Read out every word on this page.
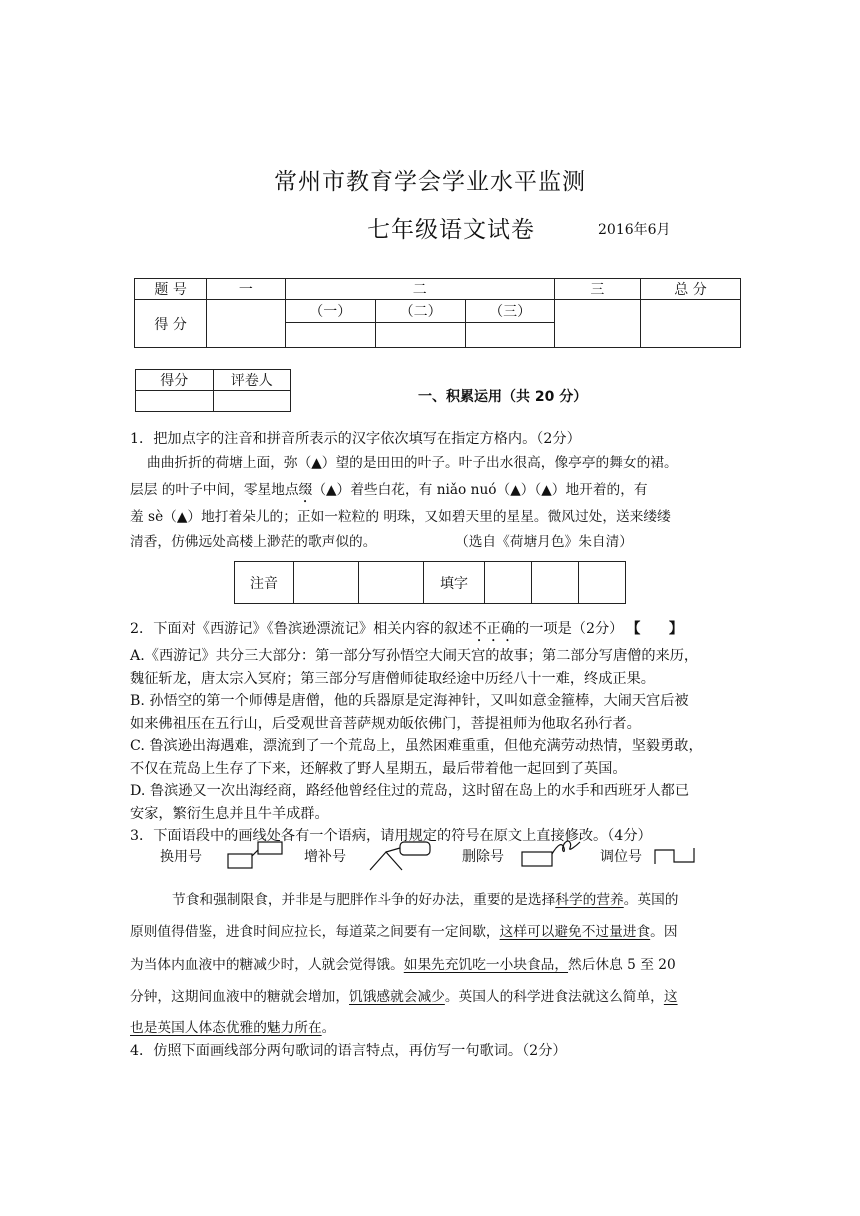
常州市教育学会学业水平监测
七年级语文试卷	2016年6月
题 号	一	二			三	总 分
得 分		（一）	（二）	（三）		

得分	评卷人

一、积累运用（共 20 分）
1．把加点字的注音和拼音所表示的汉字依次填写在指定方格内。（2分）
曲曲折折的荷塘上面，弥（▲）望的是田田的叶子。叶子出水很高，像亭亭的舞女的裙。
层层 的叶子中间，零星地点缀（▲）着些白花，有 niǎo nuó（▲）（▲）地开着的，有
羞 sè（▲）地打着朵儿的；正如一粒粒的 明珠，又如碧天里的星星。微风过处，送来缕缕
清香，仿佛远处高楼上渺茫的歌声似的。	（选自《荷塘月色》朱自清）
注音			填字			
2．下面对《西游记》《鲁滨逊漂流记》相关内容的叙述不正确的一项是（2分） 【　　】
A.《西游记》共分三大部分：第一部分写孙悟空大闹天宫的故事；第二部分写唐僧的来历，
魏征斩龙，唐太宗入冥府；第三部分写唐僧师徒取经途中历经八十一难，终成正果。
B. 孙悟空的第一个师傅是唐僧，他的兵器原是定海神针，又叫如意金箍棒，大闹天宫后被
如来佛祖压在五行山，后受观世音菩萨规劝皈依佛门，菩提祖师为他取名孙行者。
C. 鲁滨逊出海遇难，漂流到了一个荒岛上，虽然困难重重，但他充满劳动热情，坚毅勇敢，
不仅在荒岛上生存了下来，还解救了野人星期五，最后带着他一起回到了英国。
D. 鲁滨逊又一次出海经商，路经他曾经住过的荒岛，这时留在岛上的水手和西班牙人都已
安家，繁衍生息并且牛羊成群。
3．下面语段中的画线处各有一个语病，请用规定的符号在原文上直接修改。（4分）
换用号	增补号	删除号	调位号
节食和强制限食，并非是与肥胖作斗争的好办法，重要的是选择科学的营养。英国的
原则值得借鉴，进食时间应拉长，每道菜之间要有一定间歇，这样可以避免不过量进食。因
为当体内血液中的糖减少时，人就会觉得饿。如果先充饥吃一小块食品，然后休息 5 至 20
分钟，这期间血液中的糖就会增加，饥饿感就会减少。英国人的科学进食法就这么简单，这
也是英国人体态优雅的魅力所在。
4．仿照下面画线部分两句歌词的语言特点，再仿写一句歌词。（2分）
